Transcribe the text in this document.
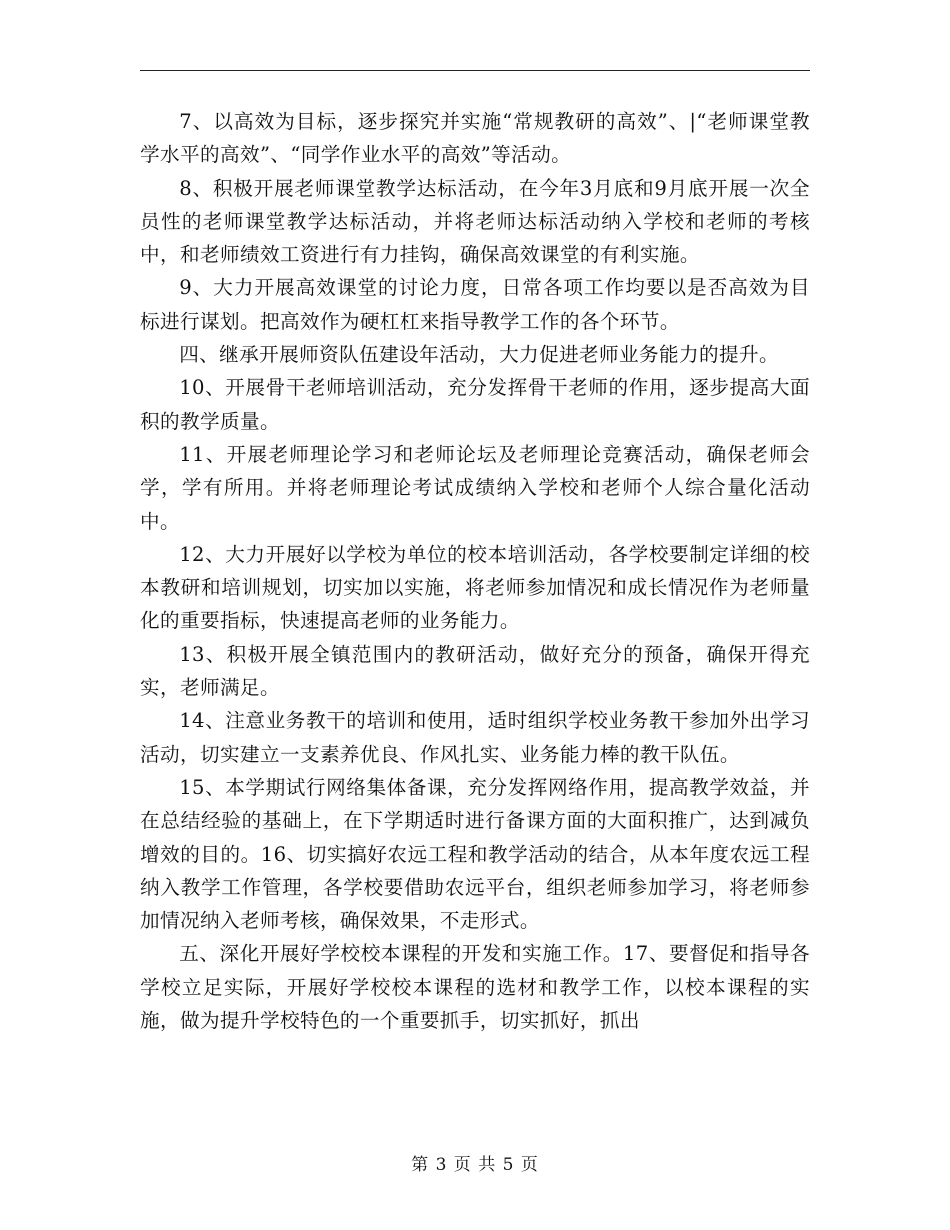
7、以高效为目标，逐步探究并实施“常规教研的高效”、|“老师课堂教学水平的高效”、“同学作业水平的高效”等活动。

8、积极开展老师课堂教学达标活动，在今年3月底和9月底开展一次全员性的老师课堂教学达标活动，并将老师达标活动纳入学校和老师的考核中，和老师绩效工资进行有力挂钩，确保高效课堂的有利实施。

9、大力开展高效课堂的讨论力度，日常各项工作均要以是否高效为目标进行谋划。把高效作为硬杠杠来指导教学工作的各个环节。

四、继承开展师资队伍建设年活动，大力促进老师业务能力的提升。

10、开展骨干老师培训活动，充分发挥骨干老师的作用，逐步提高大面积的教学质量。

11、开展老师理论学习和老师论坛及老师理论竞赛活动，确保老师会学，学有所用。并将老师理论考试成绩纳入学校和老师个人综合量化活动中。

12、大力开展好以学校为单位的校本培训活动，各学校要制定详细的校本教研和培训规划，切实加以实施，将老师参加情况和成长情况作为老师量化的重要指标，快速提高老师的业务能力。

13、积极开展全镇范围内的教研活动，做好充分的预备，确保开得充实，老师满足。

14、注意业务教干的培训和使用，适时组织学校业务教干参加外出学习活动，切实建立一支素养优良、作风扎实、业务能力棒的教干队伍。

15、本学期试行网络集体备课，充分发挥网络作用，提高教学效益，并在总结经验的基础上，在下学期适时进行备课方面的大面积推广，达到减负增效的目的。16、切实搞好农远工程和教学活动的结合，从本年度农远工程纳入教学工作管理，各学校要借助农远平台，组织老师参加学习，将老师参加情况纳入老师考核，确保效果，不走形式。

五、深化开展好学校校本课程的开发和实施工作。17、要督促和指导各学校立足实际，开展好学校校本课程的选材和教学工作，以校本课程的实施，做为提升学校特色的一个重要抓手，切实抓好，抓出

第 3 页 共 5 页
